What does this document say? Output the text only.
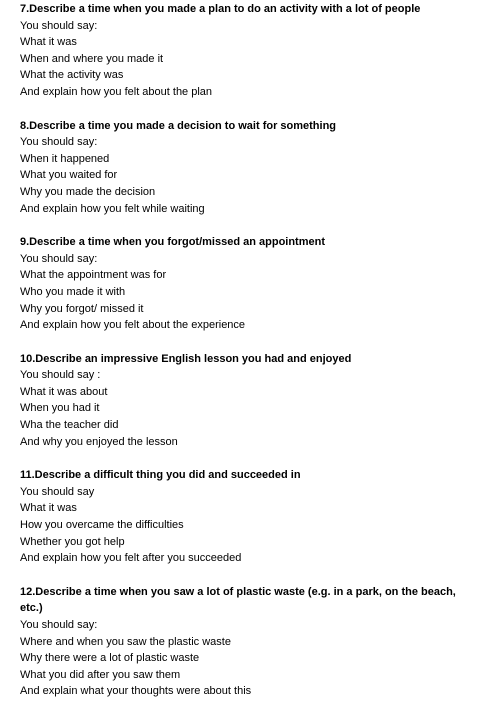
7.Describe a time when you made a plan to do an activity with a lot of people

You should say:

What it was

When and where you made it

What the activity was

And explain how you felt about the plan

8.Describe a time you made a decision to wait for something

You should say:

When it happened

What you waited for

Why you made the decision

And explain how you felt while waiting

9.Describe a time when you forgot/missed an appointment

You should say:

What the appointment was for

Who you made it with

Why you forgot/ missed it

And explain how you felt about the experience

10.Describe an impressive English lesson you had and enjoyed

You should say :

What it was about

When you had it

Wha the teacher did

And why you enjoyed the lesson

11.Describe a difficult thing you did and succeeded in

You should say

What it was

How you overcame the difficulties

Whether you got help

And explain how you felt after you succeeded

12.Describe a time when you saw a lot of plastic waste (e.g. in a park, on the beach, etc.)

You should say:

Where and when you saw the plastic waste

Why there were a lot of plastic waste

What you did after you saw them

And explain what your thoughts were about this
